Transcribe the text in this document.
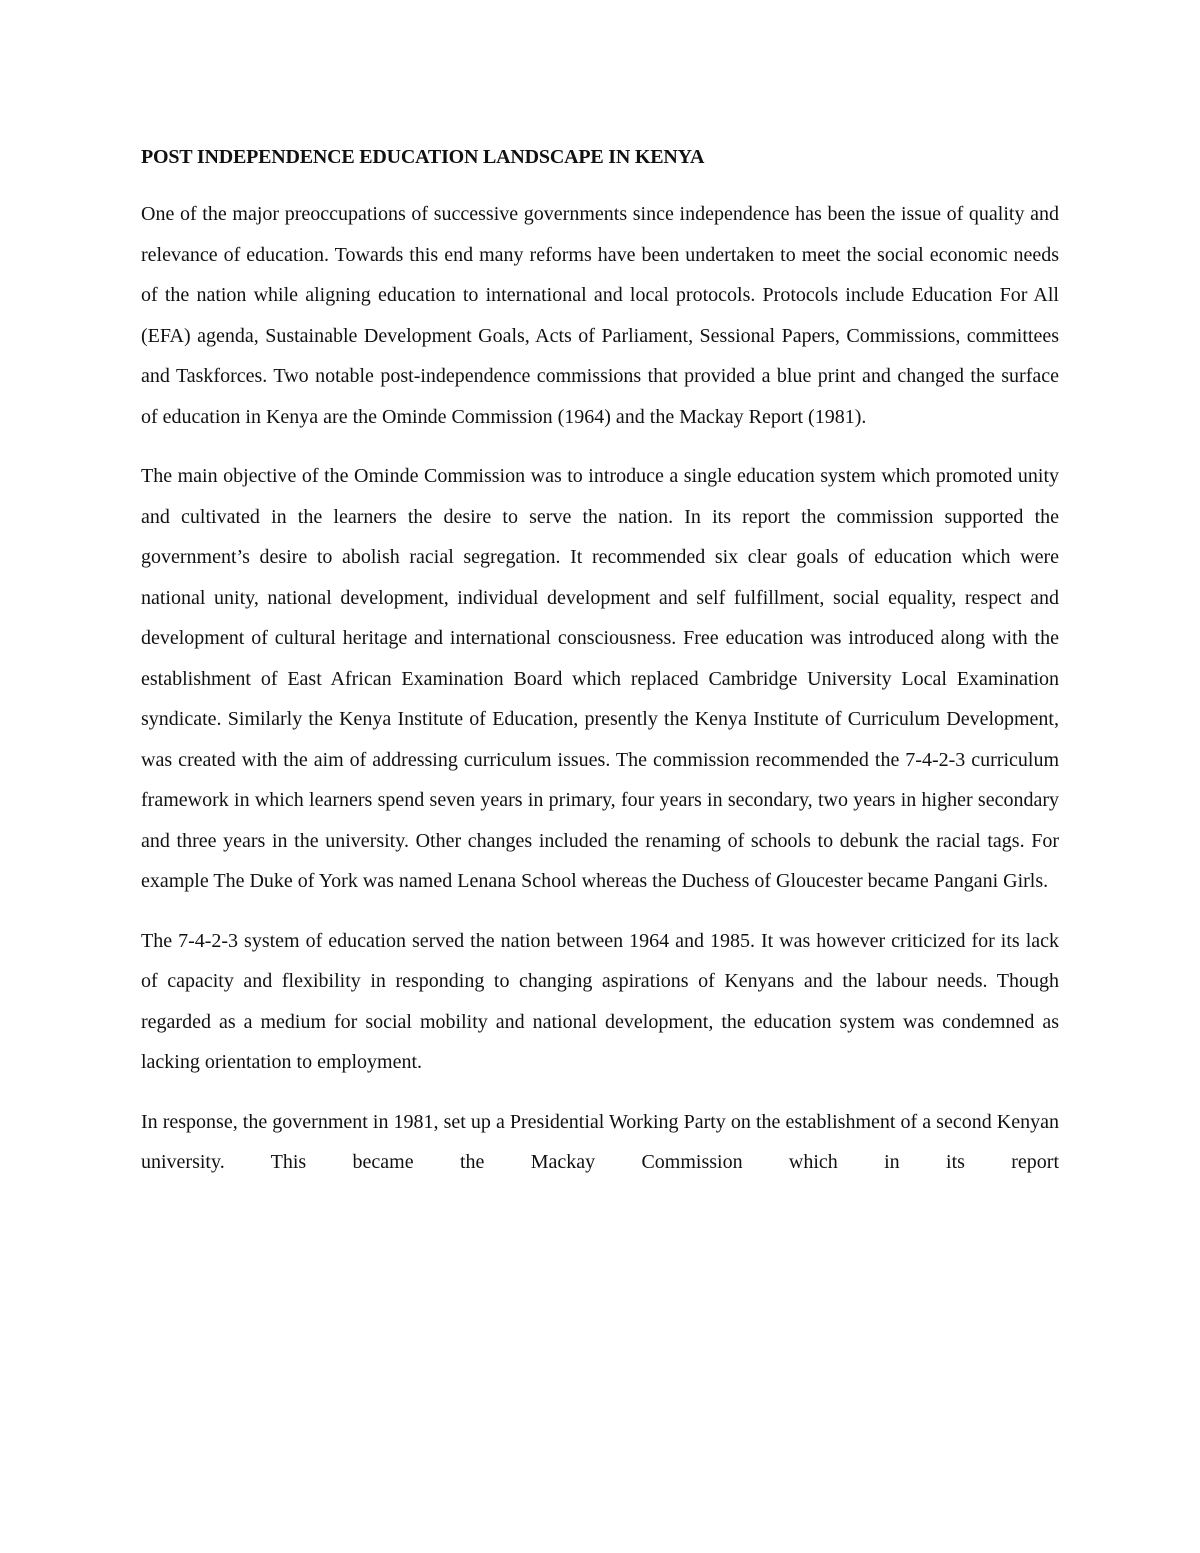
POST INDEPENDENCE EDUCATION LANDSCAPE IN KENYA

One of the major preoccupations of successive governments since independence has been the issue of quality and relevance of education. Towards this end many reforms have been undertaken to meet the social economic needs of the nation while aligning education to international and local protocols. Protocols include Education For All (EFA) agenda, Sustainable Development Goals, Acts of Parliament, Sessional Papers, Commissions, committees and Taskforces. Two notable post-independence commissions that provided a blue print and changed the surface of education in Kenya are the Ominde Commission (1964) and the Mackay Report (1981).

The main objective of the Ominde Commission was to introduce a single education system which promoted unity and cultivated in the learners the desire to serve the nation. In its report the commission supported the government’s desire to abolish racial segregation. It recommended six clear goals of education which were national unity, national development, individual development and self fulfillment, social equality, respect and development of cultural heritage and international consciousness. Free education was introduced along with the establishment of East African Examination Board which replaced Cambridge University Local Examination syndicate. Similarly the Kenya Institute of Education, presently the Kenya Institute of Curriculum Development, was created with the aim of addressing curriculum issues. The commission recommended the 7-4-2-3 curriculum framework in which learners spend seven years in primary, four years in secondary, two years in higher secondary and three years in the university. Other changes included the renaming of schools to debunk the racial tags. For example The Duke of York was named Lenana School whereas the Duchess of Gloucester became Pangani Girls.

The 7-4-2-3 system of education served the nation between 1964 and 1985. It was however criticized for its lack of capacity and flexibility in responding to changing aspirations of Kenyans and the labour needs. Though regarded as a medium for social mobility and national development, the education system was condemned as lacking orientation to employment.

In response, the government in 1981, set up a Presidential Working Party on the establishment of a second Kenyan university. This became the Mackay Commission which in its report
